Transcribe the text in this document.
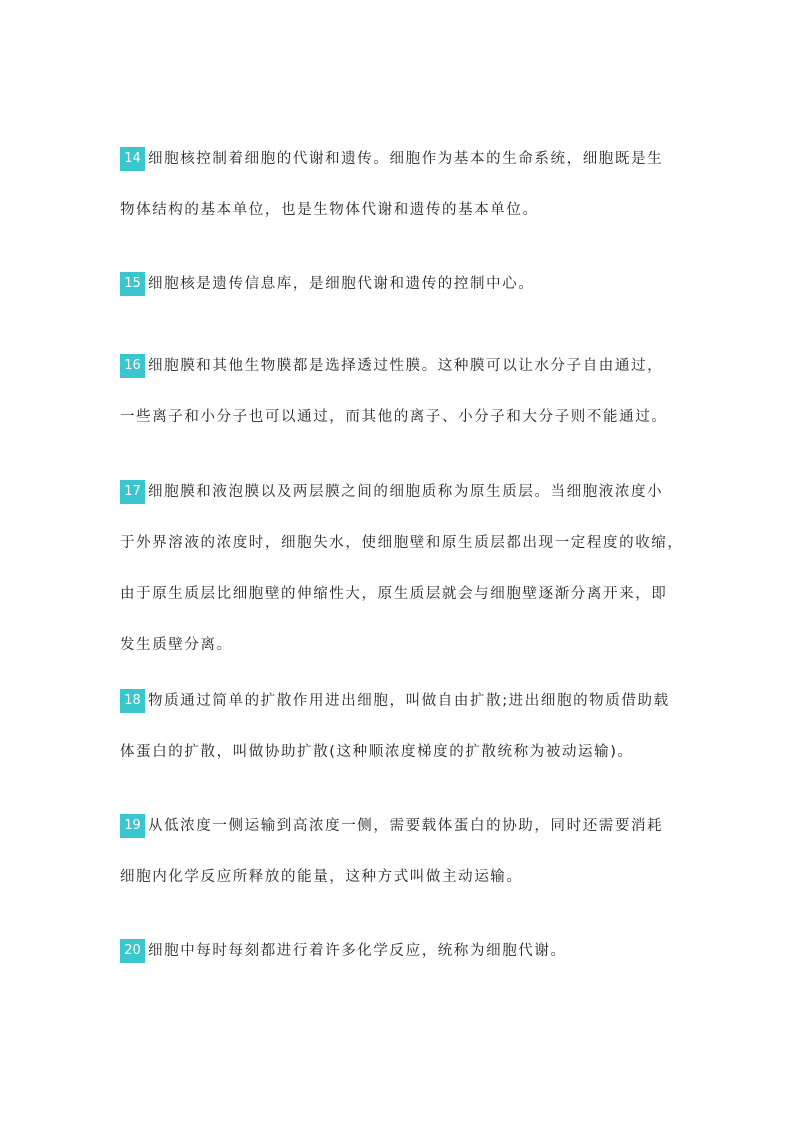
14 细胞核控制着细胞的代谢和遗传。细胞作为基本的生命系统，细胞既是生
物体结构的基本单位，也是生物体代谢和遗传的基本单位。
15 细胞核是遗传信息库，是细胞代谢和遗传的控制中心。
16 细胞膜和其他生物膜都是选择透过性膜。这种膜可以让水分子自由通过，
一些离子和小分子也可以通过，而其他的离子、小分子和大分子则不能通过。
17 细胞膜和液泡膜以及两层膜之间的细胞质称为原生质层。当细胞液浓度小
于外界溶液的浓度时，细胞失水，使细胞壁和原生质层都出现一定程度的收缩，
由于原生质层比细胞壁的伸缩性大，原生质层就会与细胞壁逐渐分离开来，即
发生质壁分离。
18 物质通过简单的扩散作用进出细胞，叫做自由扩散;进出细胞的物质借助载
体蛋白的扩散，叫做协助扩散(这种顺浓度梯度的扩散统称为被动运输)。
19 从低浓度一侧运输到高浓度一侧，需要载体蛋白的协助，同时还需要消耗
细胞内化学反应所释放的能量，这种方式叫做主动运输。
20 细胞中每时每刻都进行着许多化学反应，统称为细胞代谢。
